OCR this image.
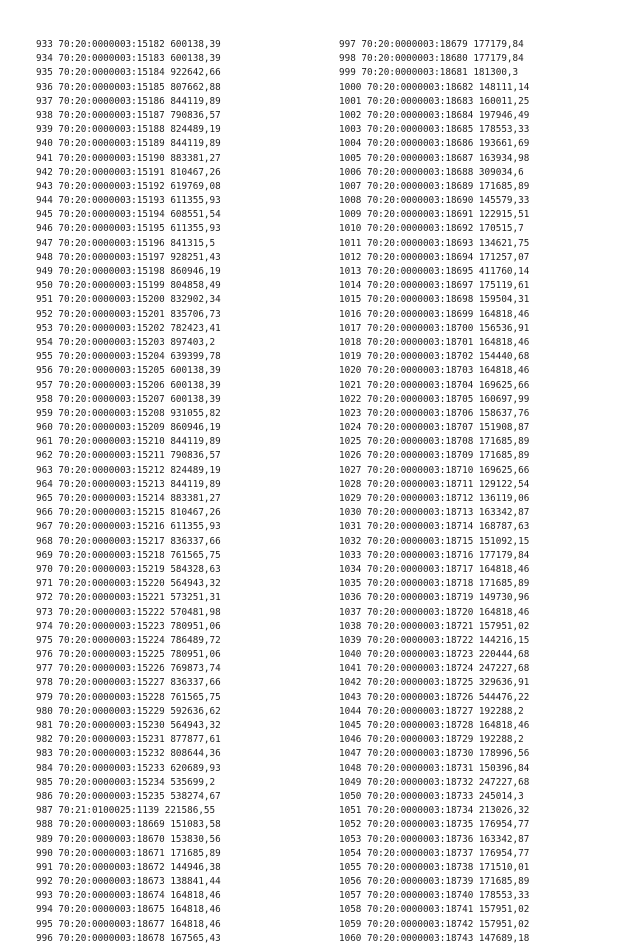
933 70:20:0000003:15182 600138,39
934 70:20:0000003:15183 600138,39
935 70:20:0000003:15184 922642,66
936 70:20:0000003:15185 807662,88
937 70:20:0000003:15186 844119,89
938 70:20:0000003:15187 790836,57
939 70:20:0000003:15188 824489,19
940 70:20:0000003:15189 844119,89
941 70:20:0000003:15190 883381,27
942 70:20:0000003:15191 810467,26
943 70:20:0000003:15192 619769,08
944 70:20:0000003:15193 611355,93
945 70:20:0000003:15194 608551,54
946 70:20:0000003:15195 611355,93
947 70:20:0000003:15196 841315,5
948 70:20:0000003:15197 928251,43
949 70:20:0000003:15198 860946,19
950 70:20:0000003:15199 804858,49
951 70:20:0000003:15200 832902,34
952 70:20:0000003:15201 835706,73
953 70:20:0000003:15202 782423,41
954 70:20:0000003:15203 897403,2
955 70:20:0000003:15204 639399,78
956 70:20:0000003:15205 600138,39
957 70:20:0000003:15206 600138,39
958 70:20:0000003:15207 600138,39
959 70:20:0000003:15208 931055,82
960 70:20:0000003:15209 860946,19
961 70:20:0000003:15210 844119,89
962 70:20:0000003:15211 790836,57
963 70:20:0000003:15212 824489,19
964 70:20:0000003:15213 844119,89
965 70:20:0000003:15214 883381,27
966 70:20:0000003:15215 810467,26
967 70:20:0000003:15216 611355,93
968 70:20:0000003:15217 836337,66
969 70:20:0000003:15218 761565,75
970 70:20:0000003:15219 584328,63
971 70:20:0000003:15220 564943,32
972 70:20:0000003:15221 573251,31
973 70:20:0000003:15222 570481,98
974 70:20:0000003:15223 780951,06
975 70:20:0000003:15224 786489,72
976 70:20:0000003:15225 780951,06
977 70:20:0000003:15226 769873,74
978 70:20:0000003:15227 836337,66
979 70:20:0000003:15228 761565,75
980 70:20:0000003:15229 592636,62
981 70:20:0000003:15230 564943,32
982 70:20:0000003:15231 877877,61
983 70:20:0000003:15232 808644,36
984 70:20:0000003:15233 620689,93
985 70:20:0000003:15234 535699,2
986 70:20:0000003:15235 538274,67
987 70:21:0100025:1139 221586,55
988 70:20:0000003:18669 151083,58
989 70:20:0000003:18670 153830,56
990 70:20:0000003:18671 171685,89
991 70:20:0000003:18672 144946,38
992 70:20:0000003:18673 138841,44
993 70:20:0000003:18674 164818,46
994 70:20:0000003:18675 164818,46
995 70:20:0000003:18677 164818,46
996 70:20:0000003:18678 167565,43
997 70:20:0000003:18679 177179,84
998 70:20:0000003:18680 177179,84
999 70:20:0000003:18681 181300,3
1000 70:20:0000003:18682 148111,14
1001 70:20:0000003:18683 160011,25
1002 70:20:0000003:18684 197946,49
1003 70:20:0000003:18685 178553,33
1004 70:20:0000003:18686 193661,69
1005 70:20:0000003:18687 163934,98
1006 70:20:0000003:18688 309034,6
1007 70:20:0000003:18689 171685,89
1008 70:20:0000003:18690 145579,33
1009 70:20:0000003:18691 122915,51
1010 70:20:0000003:18692 170515,7
1011 70:20:0000003:18693 134621,75
1012 70:20:0000003:18694 171257,07
1013 70:20:0000003:18695 411760,14
1014 70:20:0000003:18697 175119,61
1015 70:20:0000003:18698 159504,31
1016 70:20:0000003:18699 164818,46
1017 70:20:0000003:18700 156536,91
1018 70:20:0000003:18701 164818,46
1019 70:20:0000003:18702 154440,68
1020 70:20:0000003:18703 164818,46
1021 70:20:0000003:18704 169625,66
1022 70:20:0000003:18705 160697,99
1023 70:20:0000003:18706 158637,76
1024 70:20:0000003:18707 151908,87
1025 70:20:0000003:18708 171685,89
1026 70:20:0000003:18709 171685,89
1027 70:20:0000003:18710 169625,66
1028 70:20:0000003:18711 129122,54
1029 70:20:0000003:18712 136119,06
1030 70:20:0000003:18713 163342,87
1031 70:20:0000003:18714 168787,63
1032 70:20:0000003:18715 151092,15
1033 70:20:0000003:18716 177179,84
1034 70:20:0000003:18717 164818,46
1035 70:20:0000003:18718 171685,89
1036 70:20:0000003:18719 149730,96
1037 70:20:0000003:18720 164818,46
1038 70:20:0000003:18721 157951,02
1039 70:20:0000003:18722 144216,15
1040 70:20:0000003:18723 220444,68
1041 70:20:0000003:18724 247227,68
1042 70:20:0000003:18725 329636,91
1043 70:20:0000003:18726 544476,22
1044 70:20:0000003:18727 192288,2
1045 70:20:0000003:18728 164818,46
1046 70:20:0000003:18729 192288,2
1047 70:20:0000003:18730 178996,56
1048 70:20:0000003:18731 150396,84
1049 70:20:0000003:18732 247227,68
1050 70:20:0000003:18733 245014,3
1051 70:20:0000003:18734 213026,32
1052 70:20:0000003:18735 176954,77
1053 70:20:0000003:18736 163342,87
1054 70:20:0000003:18737 176954,77
1055 70:20:0000003:18738 171510,01
1056 70:20:0000003:18739 171685,89
1057 70:20:0000003:18740 178553,33
1058 70:20:0000003:18741 157951,02
1059 70:20:0000003:18742 157951,02
1060 70:20:0000003:18743 147689,18
